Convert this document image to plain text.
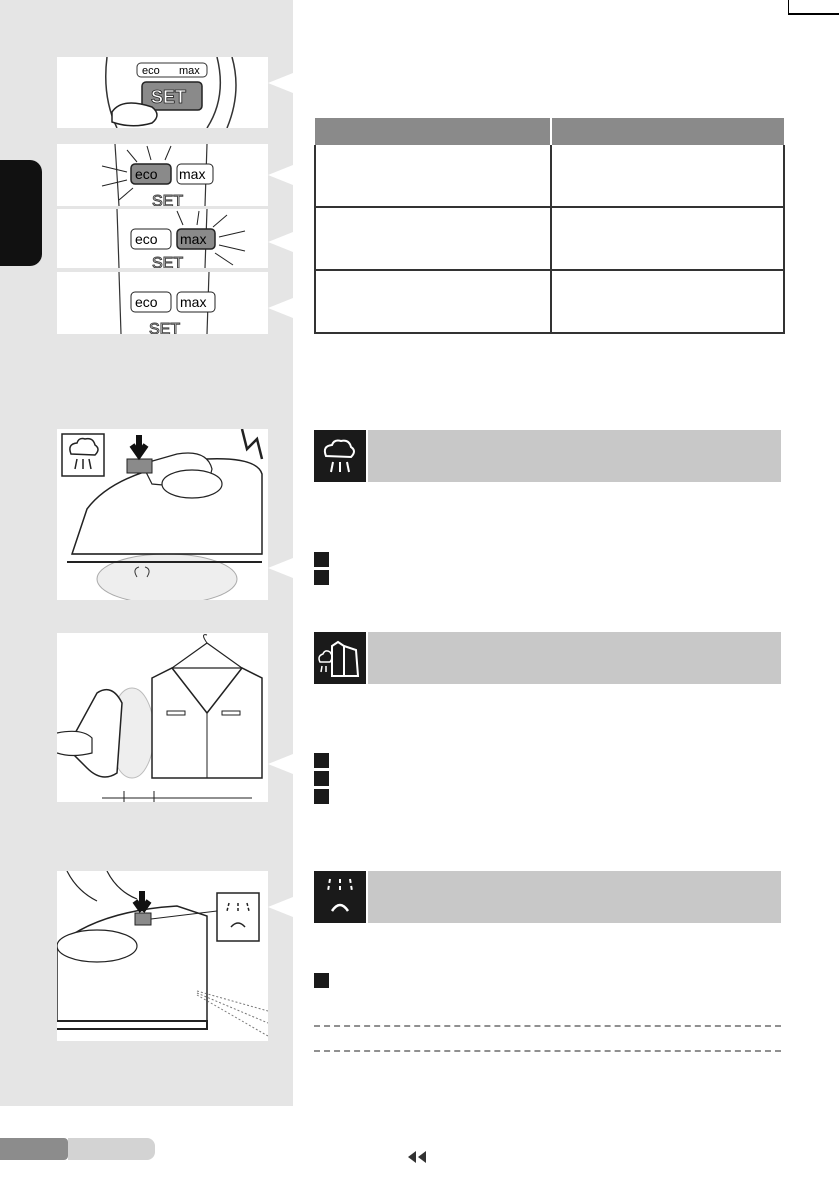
eco max
SET
eco max
SET
eco max
SET
eco max
SET
